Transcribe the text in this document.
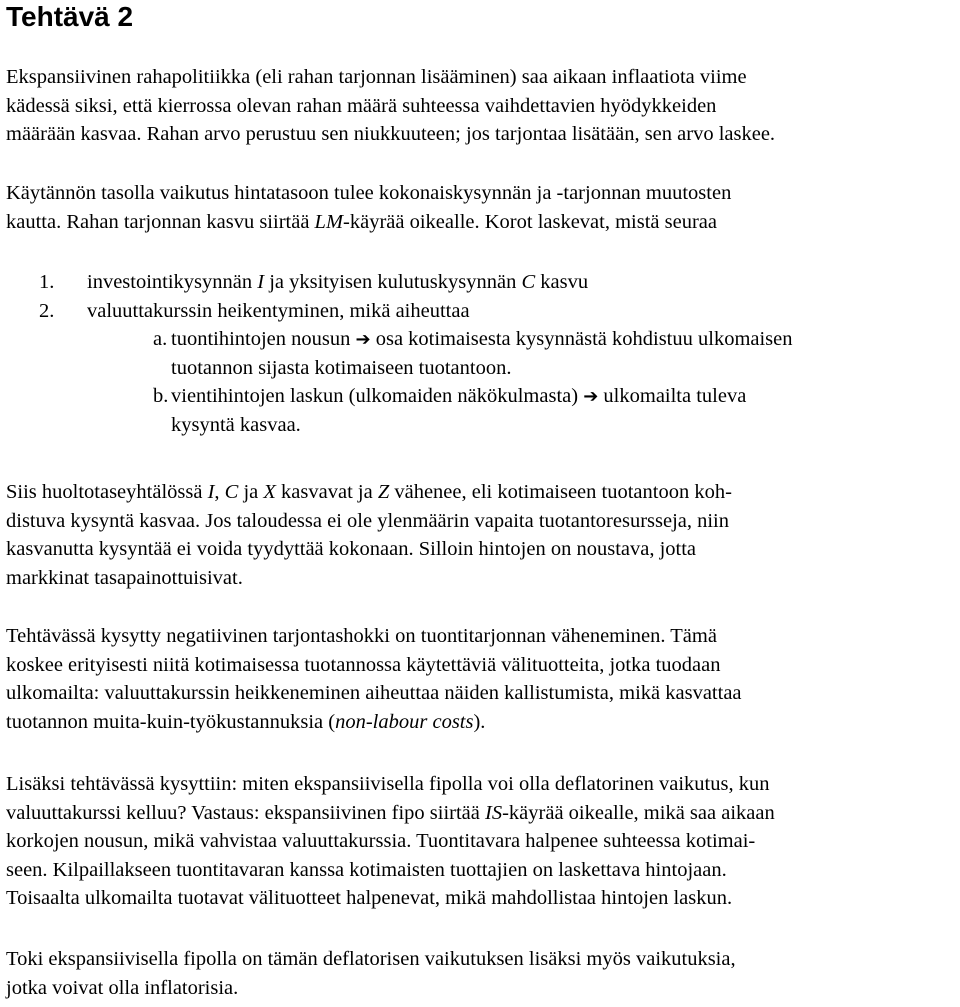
Tehtävä 2

Ekspansiivinen rahapolitiikka (eli rahan tarjonnan lisääminen) saa aikaan inflaatiota viime
kädessä siksi, että kierrossa olevan rahan määrä suhteessa vaihdettavien hyödykkeiden
määrään kasvaa. Rahan arvo perustuu sen niukkuuteen; jos tarjontaa lisätään, sen arvo laskee.

Käytännön tasolla vaikutus hintatasoon tulee kokonaiskysynnän ja -tarjonnan muutosten
kautta. Rahan tarjonnan kasvu siirtää LM-käyrää oikealle. Korot laskevat, mistä seuraa

1. investointikysynnän I ja yksityisen kulutuskysynnän C kasvu
2. valuuttakurssin heikentyminen, mikä aiheuttaa
a. tuontihintojen nousun ➔ osa kotimaisesta kysynnästä kohdistuu ulkomaisen
tuotannon sijasta kotimaiseen tuotantoon.
b. vientihintojen laskun (ulkomaiden näkökulmasta) ➔ ulkomailta tuleva
kysyntä kasvaa.

Siis huoltotaseyhtälössä I, C ja X kasvavat ja Z vähenee, eli kotimaiseen tuotantoon koh-
distuva kysyntä kasvaa. Jos taloudessa ei ole ylenmäärin vapaita tuotantoresursseja, niin
kasvanutta kysyntää ei voida tyydyttää kokonaan. Silloin hintojen on noustava, jotta
markkinat tasapainottuisivat.

Tehtävässä kysytty negatiivinen tarjontashokki on tuontitarjonnan väheneminen. Tämä
koskee erityisesti niitä kotimaisessa tuotannossa käytettäviä välituotteita, jotka tuodaan
ulkomailta: valuuttakurssin heikkeneminen aiheuttaa näiden kallistumista, mikä kasvattaa
tuotannon muita-kuin-työkustannuksia (non-labour costs).

Lisäksi tehtävässä kysyttiin: miten ekspansiivisella fipolla voi olla deflatorinen vaikutus, kun
valuuttakurssi kelluu? Vastaus: ekspansiivinen fipo siirtää IS-käyrää oikealle, mikä saa aikaan
korkojen nousun, mikä vahvistaa valuuttakurssia. Tuontitavara halpenee suhteessa kotimai-
seen. Kilpaillakseen tuontitavaran kanssa kotimaisten tuottajien on laskettava hintojaan.
Toisaalta ulkomailta tuotavat välituotteet halpenevat, mikä mahdollistaa hintojen laskun.

Toki ekspansiivisella fipolla on tämän deflatorisen vaikutuksen lisäksi myös vaikutuksia,
jotka voivat olla inflatorisia.
